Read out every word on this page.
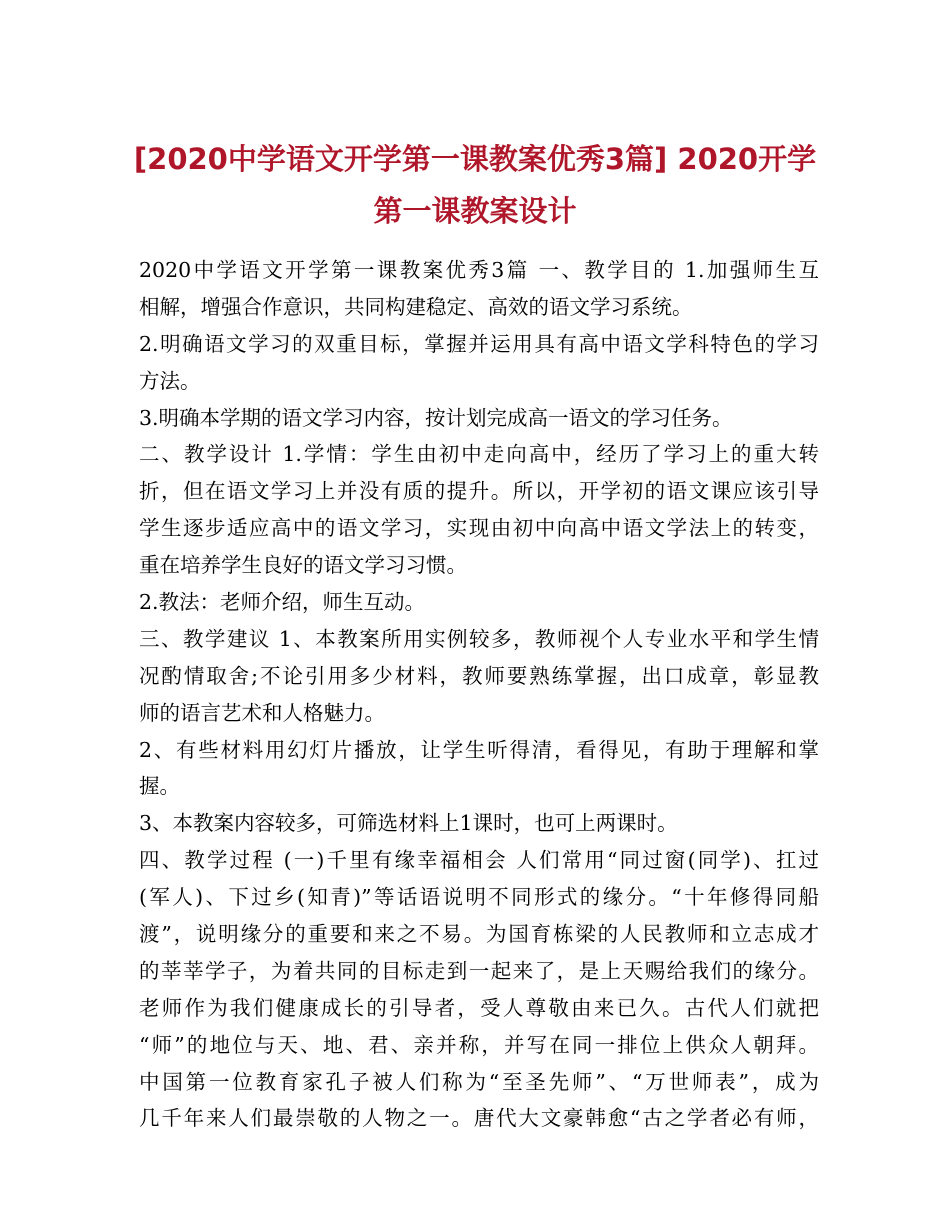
[2020中学语文开学第一课教案优秀3篇] 2020开学
第一课教案设计
2020中学语文开学第一课教案优秀3篇 一、教学目的 1.加强师生互
相解，增强合作意识，共同构建稳定、高效的语文学习系统。
2.明确语文学习的双重目标，掌握并运用具有高中语文学科特色的学习
方法。
3.明确本学期的语文学习内容，按计划完成高一语文的学习任务。
二、教学设计 1.学情：学生由初中走向高中，经历了学习上的重大转
折，但在语文学习上并没有质的提升。所以，开学初的语文课应该引导
学生逐步适应高中的语文学习，实现由初中向高中语文学法上的转变，
重在培养学生良好的语文学习习惯。
2.教法：老师介绍，师生互动。
三、教学建议 1、本教案所用实例较多，教师视个人专业水平和学生情
况酌情取舍;不论引用多少材料，教师要熟练掌握，出口成章，彰显教
师的语言艺术和人格魅力。
2、有些材料用幻灯片播放，让学生听得清，看得见，有助于理解和掌
握。
3、本教案内容较多，可筛选材料上1课时，也可上两课时。
四、教学过程 (一)千里有缘幸福相会 人们常用“同过窗(同学)、扛过
(军人)、下过乡(知青)”等话语说明不同形式的缘分。“十年修得同船
渡”，说明缘分的重要和来之不易。为国育栋梁的人民教师和立志成才
的莘莘学子，为着共同的目标走到一起来了，是上天赐给我们的缘分。
老师作为我们健康成长的引导者，受人尊敬由来已久。古代人们就把
“师”的地位与天、地、君、亲并称，并写在同一排位上供众人朝拜。
中国第一位教育家孔子被人们称为“至圣先师”、“万世师表”，成为
几千年来人们最崇敬的人物之一。唐代大文豪韩愈“古之学者必有师，
